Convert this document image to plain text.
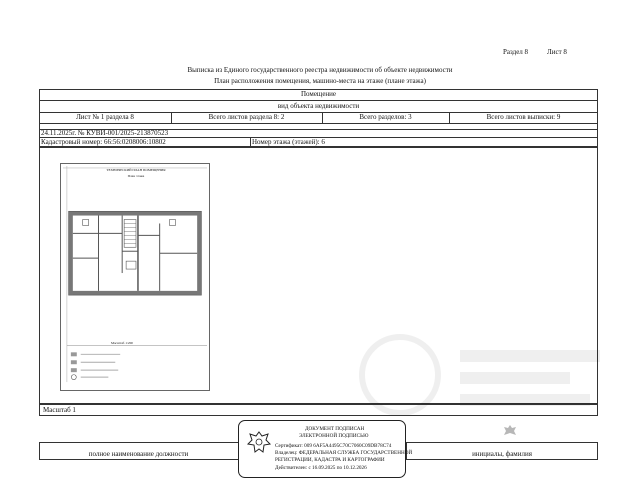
Раздел 8	Лист 8
Выписка из Единого государственного реестра недвижимости об объекте недвижимости
План расположения помещения, машино-места на этаже (плане этажа)
Помещение
вид объекта недвижимости
Лист № 1 раздела 8	Всего листов раздела 8: 2	Всего разделов: 3	Всего листов выписки: 9
24.11.2025г. № КУВИ-001/2025-213870523
Кадастровый номер: 66:56:0208006:10802	Номер этажа (этажей): 6
ТЕХНИЧЕСКИЙ ПЛАН ПОМЕЩЕНИЯ
План этажа
Масштаб 1:200
Масштаб 1
полное наименование должности	инициалы, фамилия
ДОКУМЕНТ ПОДПИСАН
ЭЛЕКТРОННОЙ ПОДПИСЬЮ
Сертификат: 009 6AF5A4495C70C7060C09DB78C74
Владелец: ФЕДЕРАЛЬНАЯ СЛУЖБА ГОСУДАРСТВЕННОЙ
РЕГИСТРАЦИИ, КАДАСТРА И КАРТОГРАФИИ
Действителен: с 16.09.2025 по 10.12.2026
